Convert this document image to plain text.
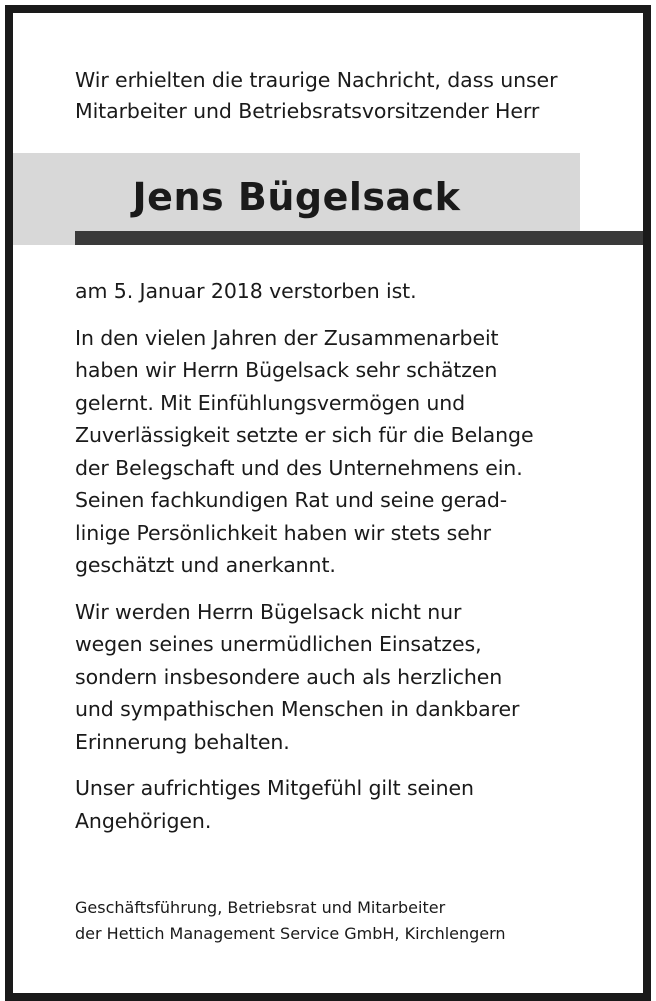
Wir erhielten die traurige Nachricht, dass unser
Mitarbeiter und Betriebsratsvorsitzender Herr
Jens Bügelsack

am 5. Januar 2018 verstorben ist.

In den vielen Jahren der Zusammenarbeit
haben wir Herrn Bügelsack sehr schätzen
gelernt. Mit Einfühlungsvermögen und
Zuverlässigkeit setzte er sich für die Belange
der Belegschaft und des Unternehmens ein.
Seinen fachkundigen Rat und seine gerad-
linige Persönlichkeit haben wir stets sehr
geschätzt und anerkannt.

Wir werden Herrn Bügelsack nicht nur
wegen seines unermüdlichen Einsatzes,
sondern insbesondere auch als herzlichen
und sympathischen Menschen in dankbarer
Erinnerung behalten.

Unser aufrichtiges Mitgefühl gilt seinen
Angehörigen.

Geschäftsführung, Betriebsrat und Mitarbeiter
der Hettich Management Service GmbH, Kirchlengern
